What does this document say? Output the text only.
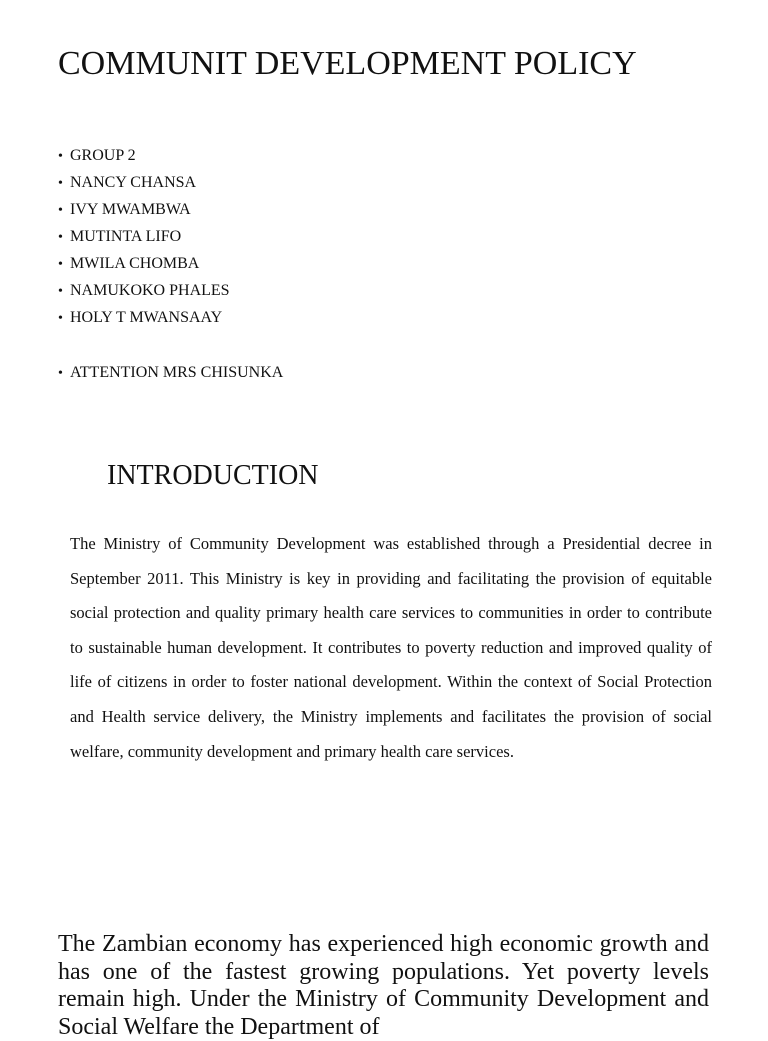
COMMUNIT DEVELOPMENT POLICY
• GROUP 2
• NANCY CHANSA
• IVY MWAMBWA
• MUTINTA LIFO
• MWILA CHOMBA
• NAMUKOKO PHALES
• HOLY T MWANSAAY
• ATTENTION MRS CHISUNKA
INTRODUCTION

The Ministry of Community Development was established through a Presidential decree in September 2011. This Ministry is key in providing and facilitating the provision of equitable social protection and quality primary health care services to communities in order to contribute to sustainable human development. It contributes to poverty reduction and improved quality of life of citizens in order to foster national development. Within the context of Social Protection and Health service delivery, the Ministry implements and facilitates the provision of social welfare, community development and primary health care services.

The Zambian economy has experienced high economic growth and has one of the fastest growing populations. Yet poverty levels remain high. Under the Ministry of Community Development and Social Welfare the Department of
